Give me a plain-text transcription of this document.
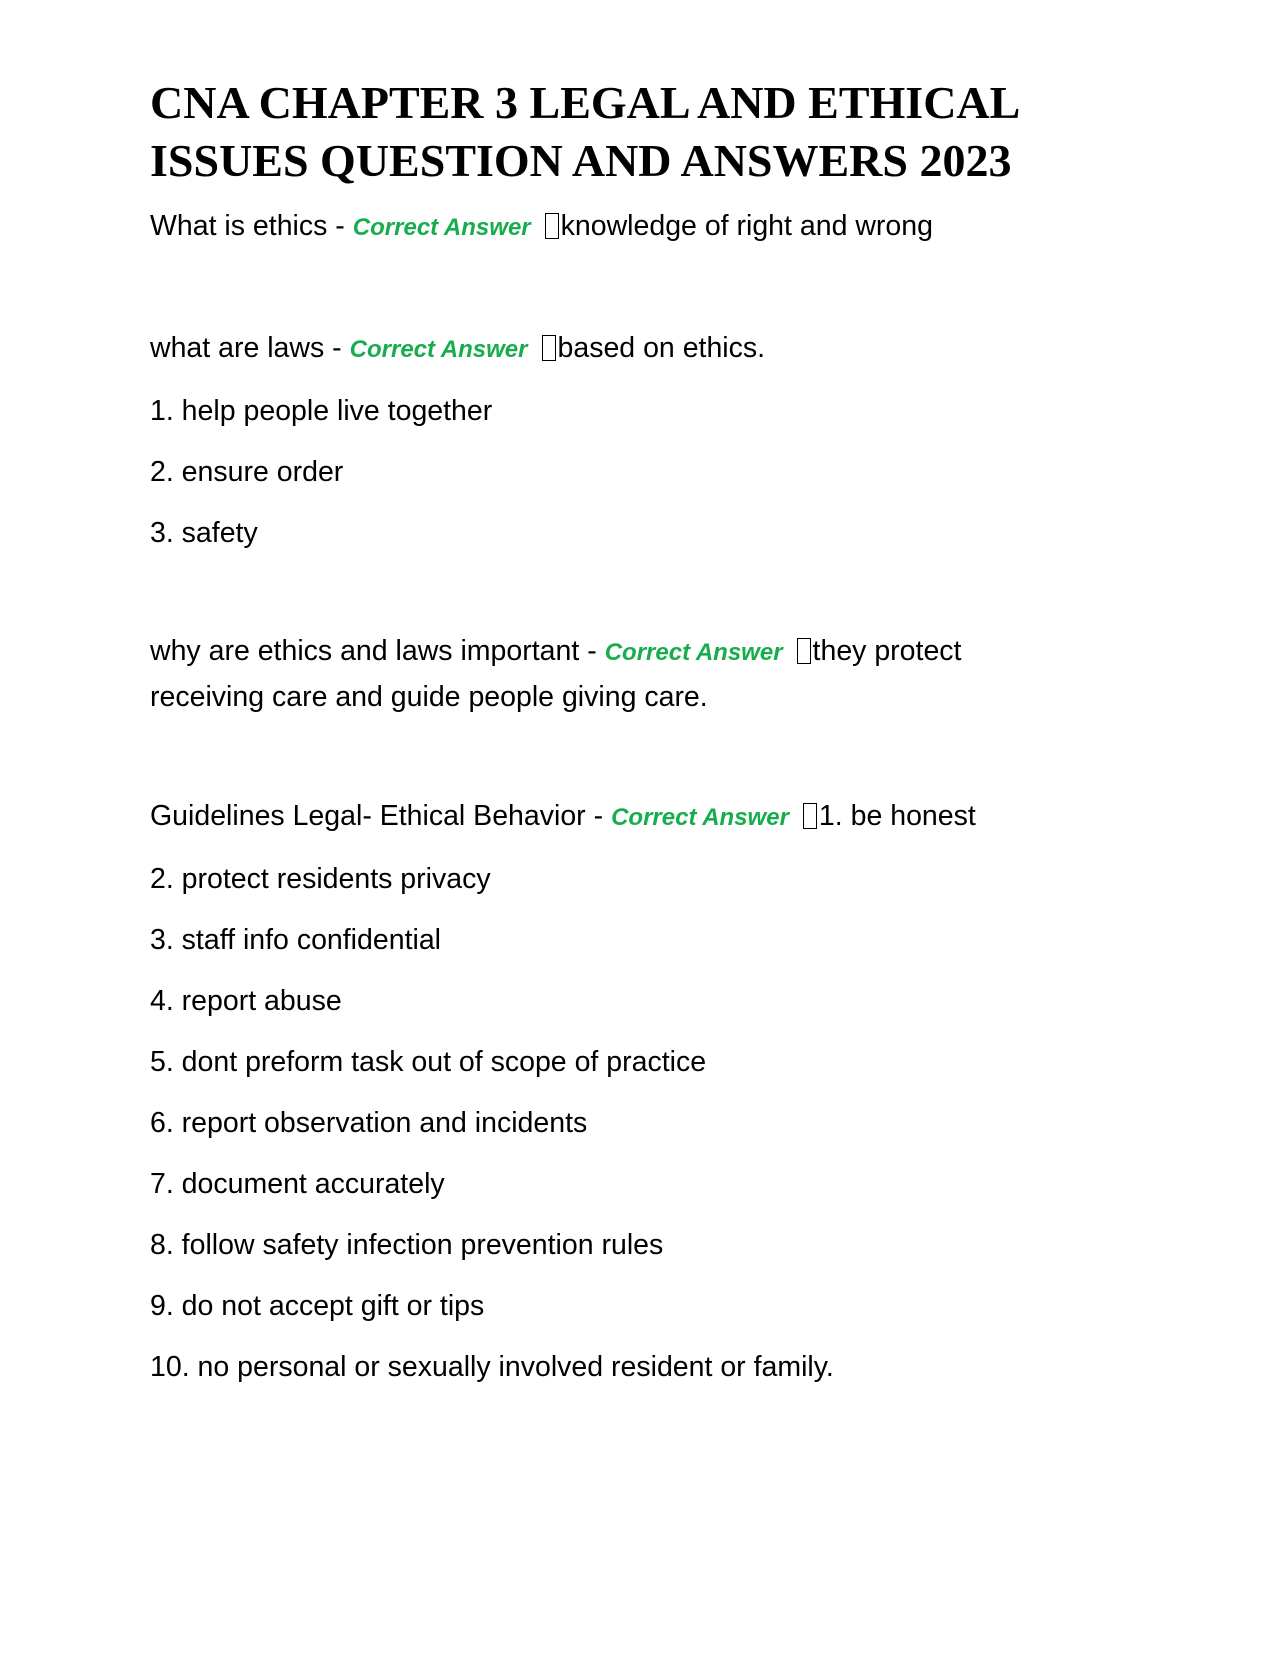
CNA CHAPTER 3 LEGAL AND ETHICAL
ISSUES QUESTION AND ANSWERS 2023

What is ethics - Correct Answer knowledge of right and wrong

what are laws - Correct Answer based on ethics.

1. help people live together

2. ensure order

3. safety

why are ethics and laws important - Correct Answer they protect

receiving care and guide people giving care.

Guidelines Legal- Ethical Behavior - Correct Answer 1. be honest

2. protect residents privacy

3. staff info confidential

4. report abuse

5. dont preform task out of scope of practice

6. report observation and incidents

7. document accurately

8. follow safety infection prevention rules

9. do not accept gift or tips

10. no personal or sexually involved resident or family.
